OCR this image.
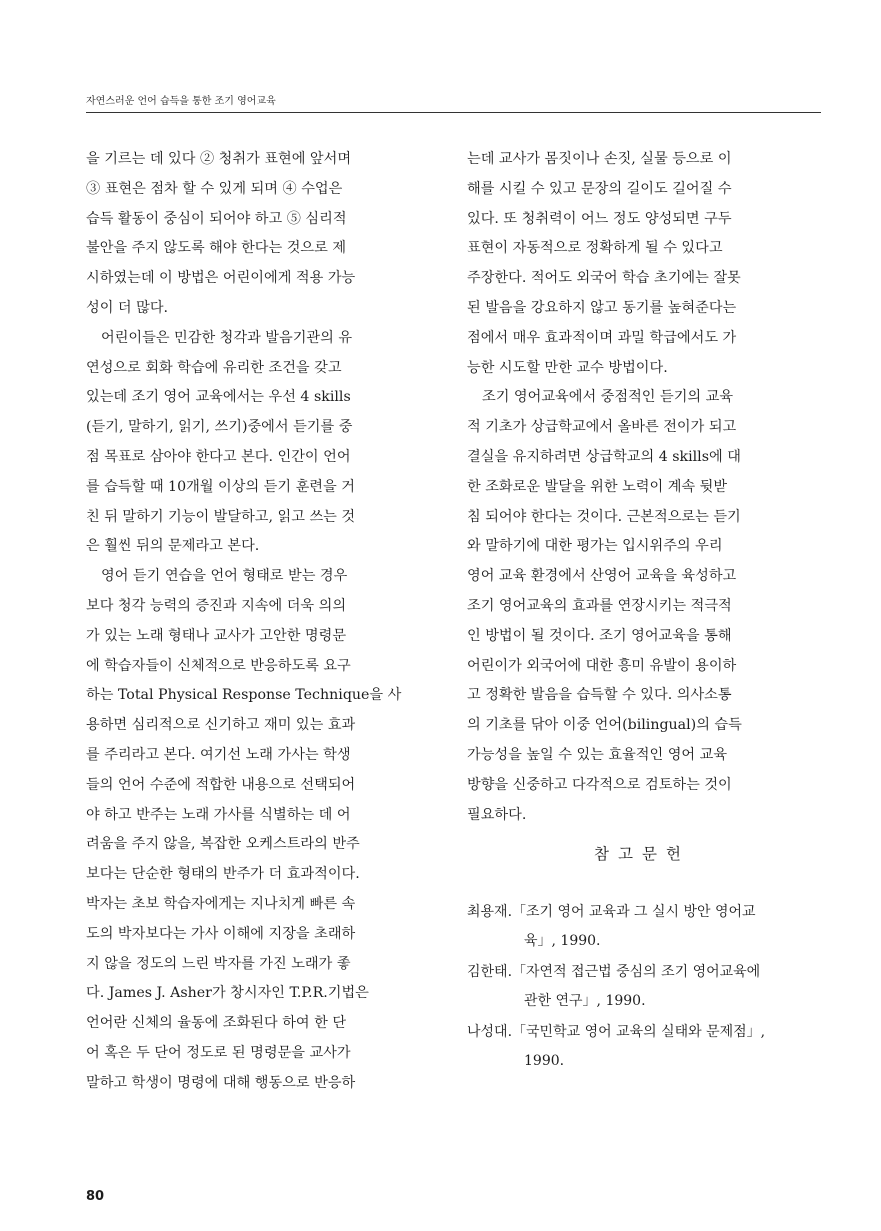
자연스러운 언어 습득을 통한 조기 영어교육
을 기르는 데 있다 ② 청취가 표현에 앞서며
③ 표현은 점차 할 수 있게 되며 ④ 수업은
습득 활동이 중심이 되어야 하고 ⑤ 심리적
불안을 주지 않도록 해야 한다는 것으로 제
시하였는데 이 방법은 어린이에게 적용 가능
성이 더 많다.
어린이들은 민감한 청각과 발음기관의 유
연성으로 회화 학습에 유리한 조건을 갖고
있는데 조기 영어 교육에서는 우선 4 skills
(듣기, 말하기, 읽기, 쓰기)중에서 듣기를 중
점 목표로 삼아야 한다고 본다. 인간이 언어
를 습득할 때 10개월 이상의 듣기 훈련을 거
친 뒤 말하기 기능이 발달하고, 읽고 쓰는 것
은 훨씬 뒤의 문제라고 본다.
영어 듣기 연습을 언어 형태로 받는 경우
보다 청각 능력의 증진과 지속에 더욱 의의
가 있는 노래 형태나 교사가 고안한 명령문
에 학습자들이 신체적으로 반응하도록 요구
하는 Total Physical Response Technique을 사
용하면 심리적으로 신기하고 재미 있는 효과
를 주리라고 본다. 여기선 노래 가사는 학생
들의 언어 수준에 적합한 내용으로 선택되어
야 하고 반주는 노래 가사를 식별하는 데 어
려움을 주지 않을, 복잡한 오케스트라의 반주
보다는 단순한 형태의 반주가 더 효과적이다.
박자는 초보 학습자에게는 지나치게 빠른 속
도의 박자보다는 가사 이해에 지장을 초래하
지 않을 정도의 느린 박자를 가진 노래가 좋
다. James J. Asher가 창시자인 T.P.R.기법은
언어란 신체의 율동에 조화된다 하여 한 단
어 혹은 두 단어 정도로 된 명령문을 교사가
말하고 학생이 명령에 대해 행동으로 반응하
는데 교사가 몸짓이나 손짓, 실물 등으로 이
해를 시킬 수 있고 문장의 길이도 길어질 수
있다. 또 청취력이 어느 정도 양성되면 구두
표현이 자동적으로 정확하게 될 수 있다고
주장한다. 적어도 외국어 학습 초기에는 잘못
된 발음을 강요하지 않고 동기를 높혀준다는
점에서 매우 효과적이며 과밀 학급에서도 가
능한 시도할 만한 교수 방법이다.
조기 영어교육에서 중점적인 듣기의 교육
적 기초가 상급학교에서 올바른 전이가 되고
결실을 유지하려면 상급학교의 4 skills에 대
한 조화로운 발달을 위한 노력이 계속 뒷받
침 되어야 한다는 것이다. 근본적으로는 듣기
와 말하기에 대한 평가는 입시위주의 우리
영어 교육 환경에서 산영어 교육을 육성하고
조기 영어교육의 효과를 연장시키는 적극적
인 방법이 될 것이다. 조기 영어교육을 통해
어린이가 외국어에 대한 흥미 유발이 용이하
고 정확한 발음을 습득할 수 있다. 의사소통
의 기초를 닦아 이중 언어(bilingual)의 습득
가능성을 높일 수 있는 효율적인 영어 교육
방향을 신중하고 다각적으로 검토하는 것이
필요하다.
참고문헌
최용재.「조기 영어 교육과 그 실시 방안 영어교
육」, 1990.
김한태.「자연적 접근법 중심의 조기 영어교육에
관한 연구」, 1990.
나성대.「국민학교 영어 교육의 실태와 문제점」,
1990.
80
